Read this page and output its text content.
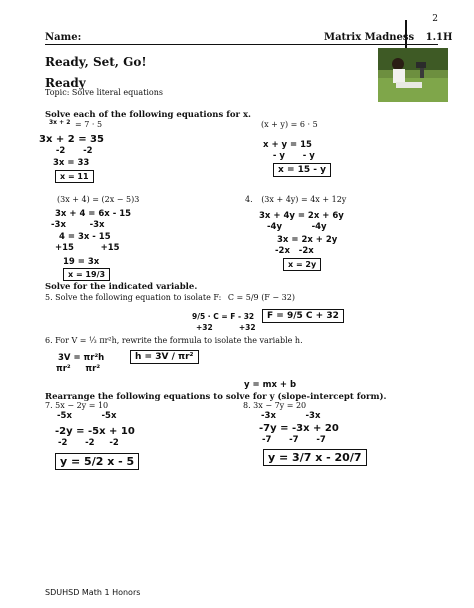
2
Name:	Matrix Madness 1.1H
Ready, Set, Go!
Ready
Topic: Solve literal equations
Solve each of the following equations for x.
3x + 2 = 7 · 5
3x + 2 = 35
-2      -2
3x = 33
x = 11
(x + y) = 6 · 5
x + y = 15
- y      - y
x = 15 - y
(3x + 4) = (2x − 5)3
3x + 4 = 6x - 15
-3x        -3x
4 = 3x - 15
+15         +15
19 = 3x
x = 19/3
4. (3x + 4y) = 4x + 12y
3x + 4y = 2x + 6y
-4y          -4y
3x = 2x + 2y
-2x   -2x
x = 2y
Solve for the indicated variable.
5. Solve the following equation to isolate F: C = 5/9 (F − 32)
9/5 · C = F - 32
+32          +32
F = 9/5 C + 32
6. For V = ⅓ πr²h, rewrite the formula to isolate the variable h.
3V = πr²h
πr²     πr²
h = 3V / πr²
y = mx + b
Rearrange the following equations to solve for y (slope-intercept form).
7. 5x − 2y = 10
-5x          -5x
-2y = -5x + 10
-2      -2     -2
y = 5/2 x - 5
8. 3x − 7y = 20
-3x          -3x
-7y = -3x + 20
-7      -7      -7
y = 3/7 x - 20/7
SDUHSD Math 1 Honors
